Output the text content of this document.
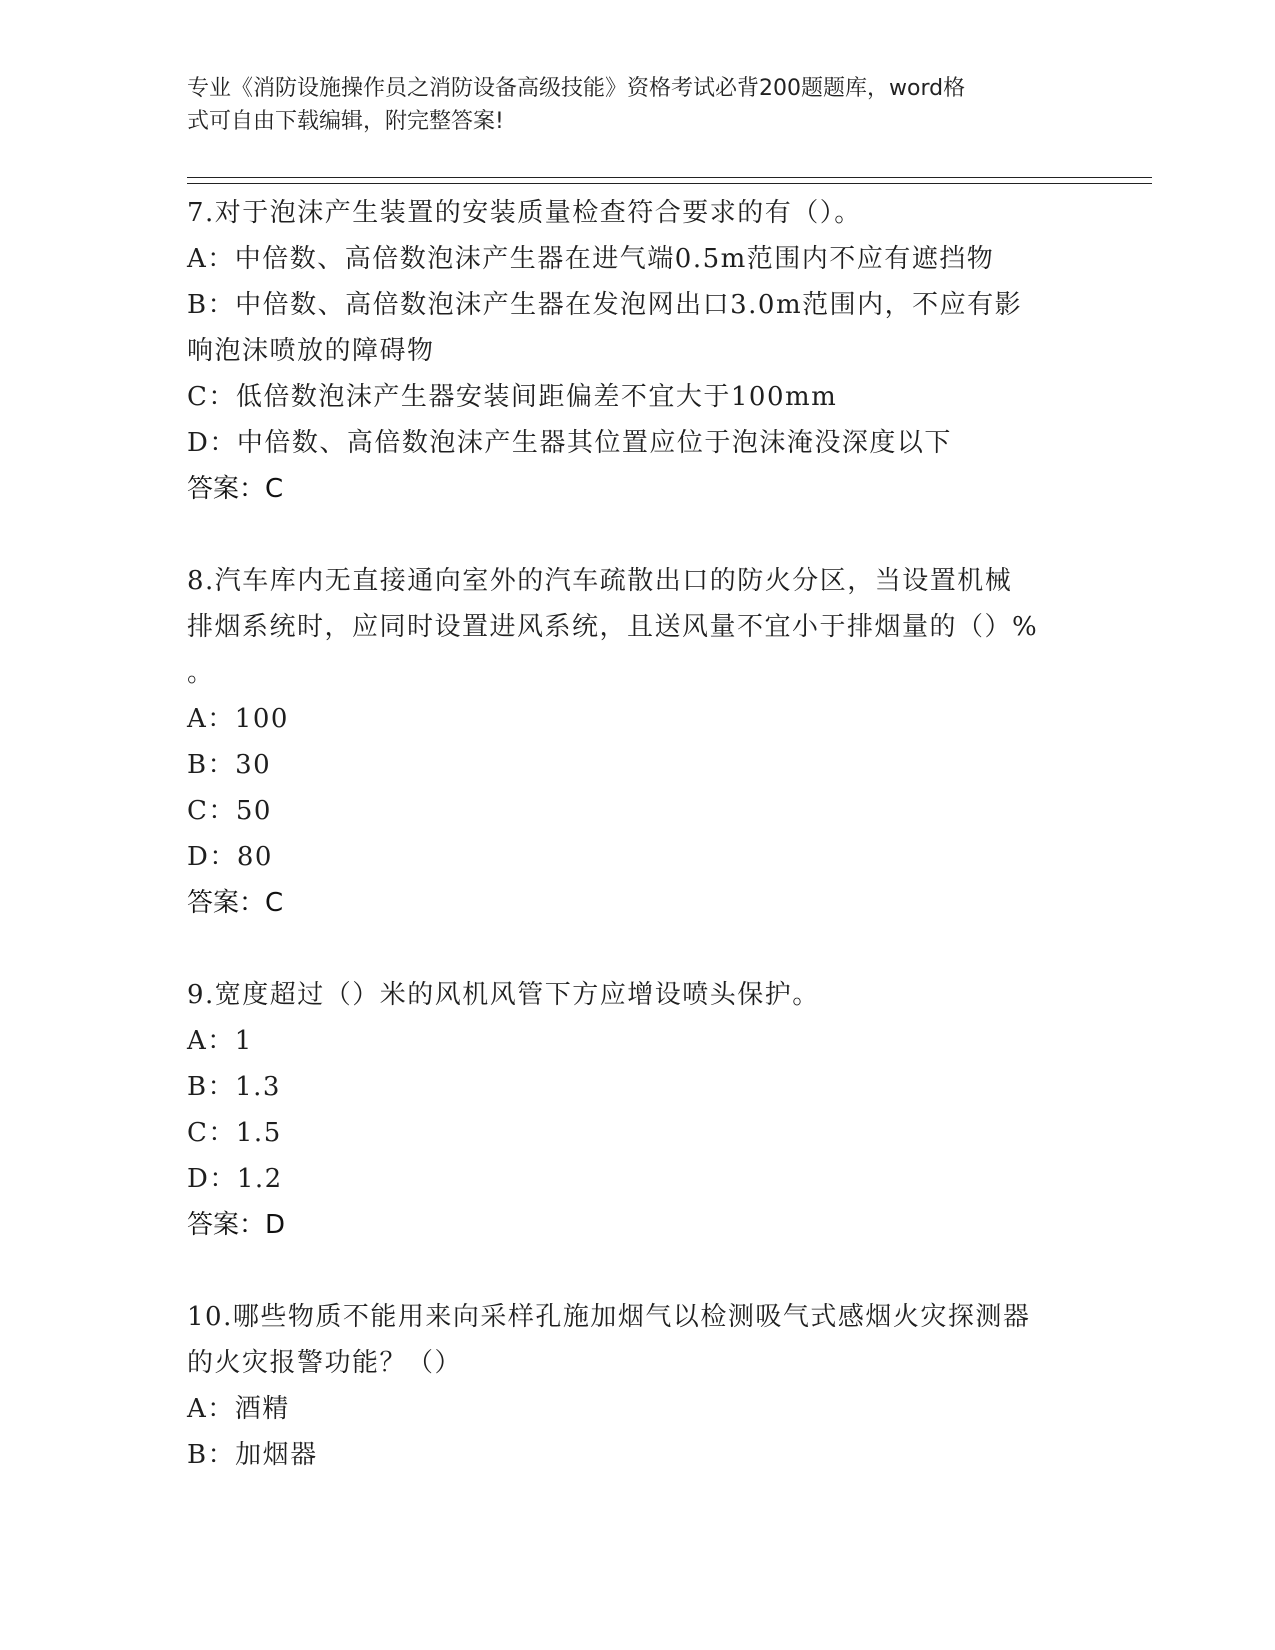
专业《消防设施操作员之消防设备高级技能》资格考试必背200题题库，word格
式可自由下载编辑，附完整答案!
7.对于泡沫产生装置的安装质量检查符合要求的有（）。
A：中倍数、高倍数泡沫产生器在进气端0.5m范围内不应有遮挡物
B：中倍数、高倍数泡沫产生器在发泡网出口3.0m范围内，不应有影
响泡沫喷放的障碍物
C：低倍数泡沫产生器安装间距偏差不宜大于100mm
D：中倍数、高倍数泡沫产生器其位置应位于泡沫淹没深度以下
答案：C
8.汽车库内无直接通向室外的汽车疏散出口的防火分区，当设置机械
排烟系统时，应同时设置进风系统，且送风量不宜小于排烟量的（）%
。
A：100
B：30
C：50
D：80
答案：C
9.宽度超过（）米的风机风管下方应增设喷头保护。
A：1
B：1.3
C：1.5
D：1.2
答案：D
10.哪些物质不能用来向采样孔施加烟气以检测吸气式感烟火灾探测器
的火灾报警功能？（）
A：酒精
B：加烟器
